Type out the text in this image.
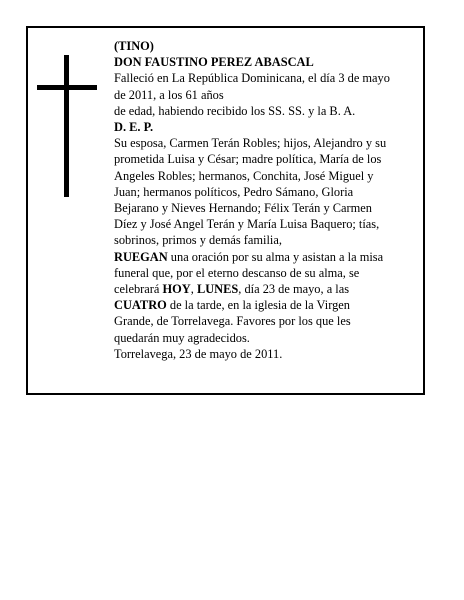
(TINO)
DON FAUSTINO PEREZ ABASCAL
Falleció en La República Dominicana, el día 3 de mayo
de 2011, a los 61 años
de edad, habiendo recibido los SS. SS. y la B. A.
D. E. P.
Su esposa, Carmen Terán Robles; hijos, Alejandro y su
prometida Luisa y César; madre política, María de los
Angeles Robles; hermanos, Conchita, José Miguel y
Juan; hermanos políticos, Pedro Sámano, Gloria
Bejarano y Nieves Hernando; Félix Terán y Carmen
Díez y José Angel Terán y María Luisa Baquero; tías,
sobrinos, primos y demás familia,
RUEGAN una oración por su alma y asistan a la misa
funeral que, por el eterno descanso de su alma, se
celebrará HOY, LUNES, día 23 de mayo, a las
CUATRO de la tarde, en la iglesia de la Virgen
Grande, de Torrelavega. Favores por los que les
quedarán muy agradecidos.
Torrelavega, 23 de mayo de 2011.
